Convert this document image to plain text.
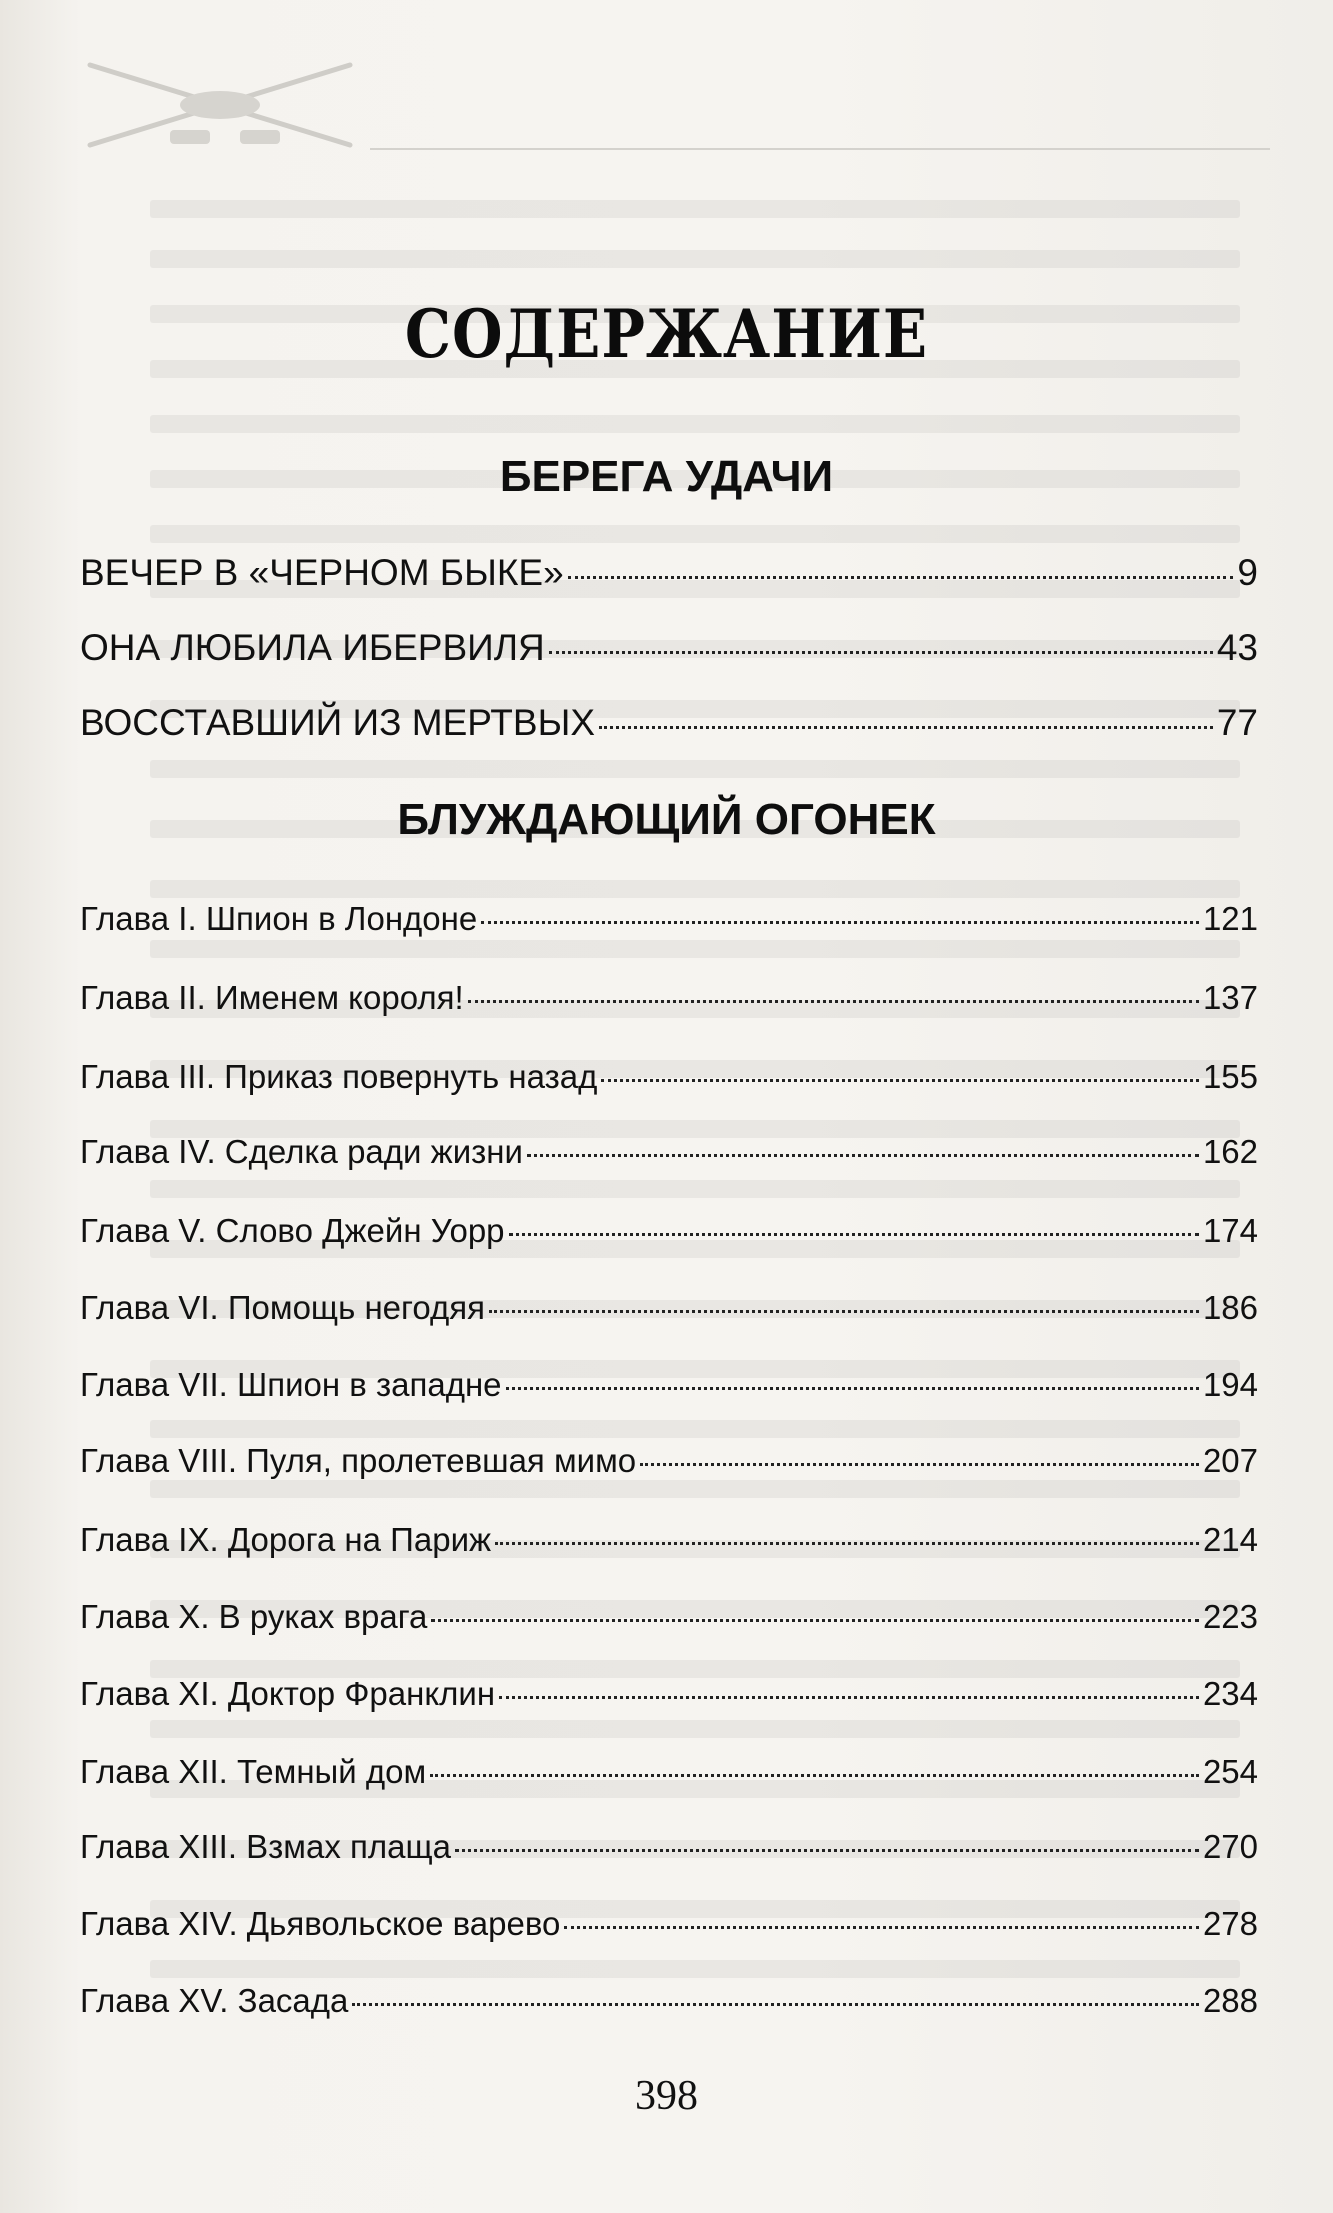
СОДЕРЖАНИЕ
БЕРЕГА УДАЧИ
ВЕЧЕР В «ЧЕРНОМ БЫКЕ»	9
ОНА ЛЮБИЛА ИБЕРВИЛЯ	43
ВОССТАВШИЙ ИЗ МЕРТВЫХ	77
БЛУЖДАЮЩИЙ ОГОНЕК
Глава I. Шпион в Лондоне	121
Глава II. Именем короля!	137
Глава III. Приказ повернуть назад	155
Глава IV. Сделка ради жизни	162
Глава V. Слово Джейн Уорр	174
Глава VI. Помощь негодяя	186
Глава VII. Шпион в западне	194
Глава VIII. Пуля, пролетевшая мимо	207
Глава IX. Дорога на Париж	214
Глава X. В руках врага	223
Глава XI. Доктор Франклин	234
Глава XII. Темный дом	254
Глава XIII. Взмах плаща	270
Глава XIV. Дьявольское варево	278
Глава XV. Засада	288
398
